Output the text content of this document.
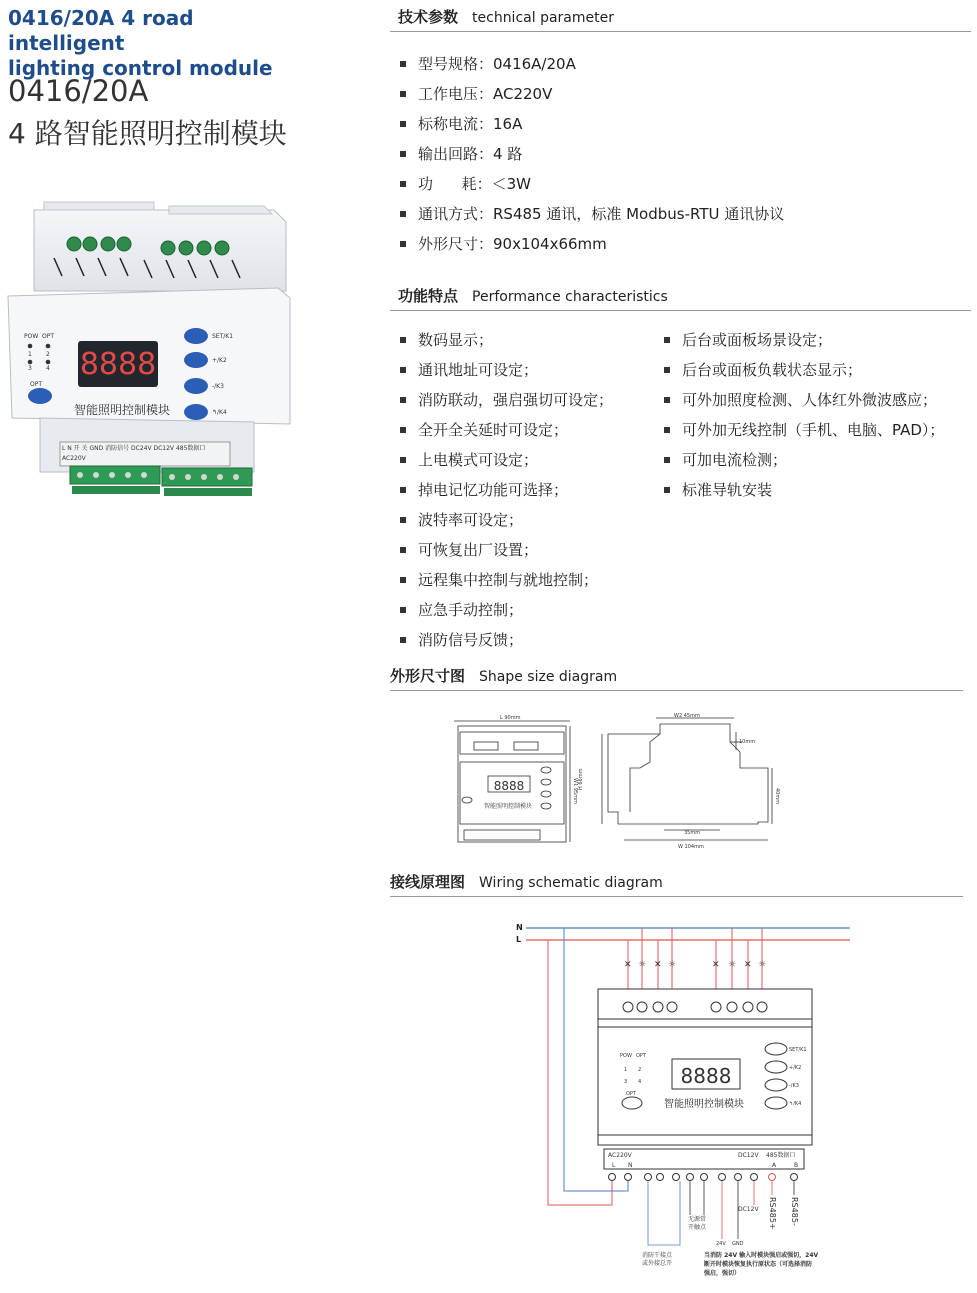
0416/20A 4 road intelligent
lighting control module
0416/20A
4 路智能照明控制模块
8888
智能照明控制模块
POW OPT
1 2
3 4
OPT
SET/K1
+/K2
-/K3
↰/K4
L N 开 关 GND 消防信号 DC24V DC12V 485数据口
AC220V
技术参数 technical parameter
型号规格：0416A/20A
工作电压：AC220V
标称电流：16A
输出回路：4 路
功      耗：＜3W
通讯方式：RS485 通讯，标准 Modbus-RTU 通讯协议
外形尺寸：90x104x66mm
功能特点 Performance characteristics
数码显示；
通讯地址可设定；
消防联动，强启强切可设定；
全开全关延时可设定；
上电模式可设定；
掉电记忆功能可选择；
波特率可设定；
可恢复出厂设置；
远程集中控制与就地控制；
应急手动控制；
消防信号反馈；
后台或面板场景设定；
后台或面板负载状态显示；
可外加照度检测、人体红外微波感应；
可外加无线控制（手机、电脑、PAD）；
可加电流检测；
标准导轨安装
外形尺寸图 Shape size diagram
L 90mm
W1 95mm
W2 45mm
H 66mm
W 104mm
10mm
40mm
35mm
8888
智能照明控制模块
接线原理图 Wiring schematic diagram
N
L
✕ ☼ ✕ ☼	✕ ☼ ✕ ☼
POW OPT
1 2
3 4
OPT
8888
智能照明控制模块
SET/K1
+/K2
-/K3
↰/K4
AC220V
L N
DC12V 485数据口
A	B
DC12V RS485+ RS485-
无源常
开触点
24V GND
消防干接点
或外接总开
当消防 24V 输入时模块强启或强切，24V
断开时模块恢复执行原状态（可选择消防
强启，强切）
